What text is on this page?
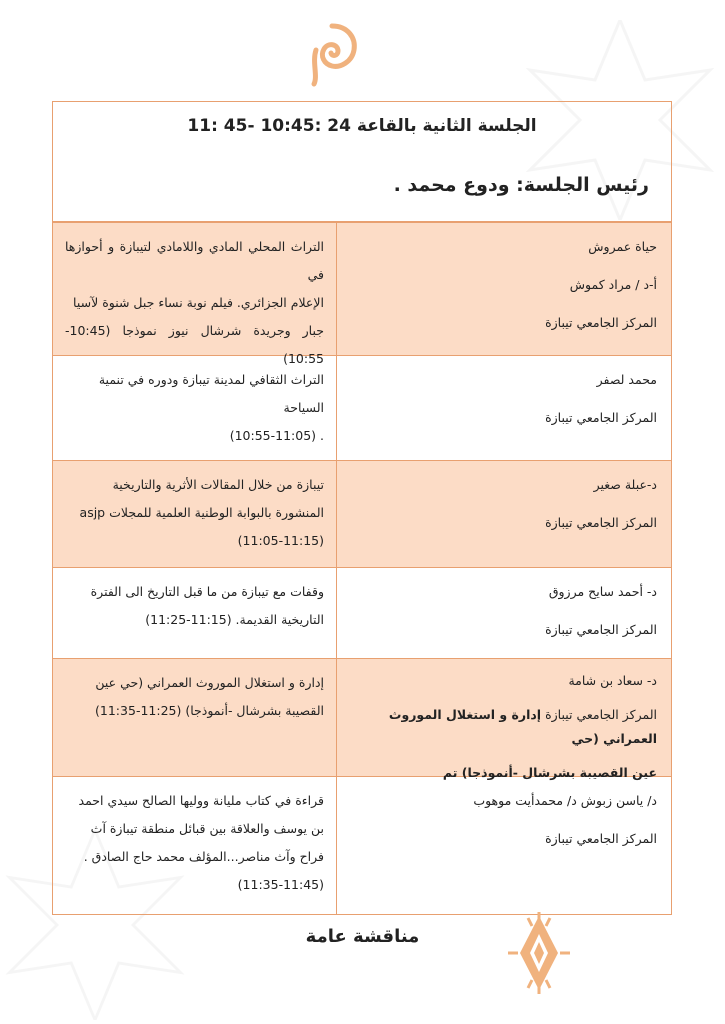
الجلسة الثانية بالقاعة 24 :10:45 -45 :11
رئيس الجلسة: ودوع محمد .
حياة عمروش
أ-د / مراد كموش
المركز الجامعي تيبازة
التراث المحلي المادي واللامادي لتيبازة و أحوازها في
الإعلام الجزائري. فيلم نوبة نساء جبل شنوة لآسيا
جبار وجريدة شرشال نيوز نموذجا (10:45-10:55)
محمد لصفر
المركز الجامعي تيبازة
التراث الثقافي لمدينة تيبازة ودوره في تنمية
السياحة
. (10:55-11:05)
د-عبلة صغير
المركز الجامعي تيبازة
تيبازة من خلال المقالات الأثرية والتاريخية
المنشورة بالبوابة الوطنية العلمية للمجلات asjp
(11:05-11:15)
د- أحمد سايح مرزوق
المركز الجامعي تيبازة
وقفات مع تيبازة من ما قبل التاريخ الى الفترة
التاريخية القديمة. (11:15-11:25)
د- سعاد بن شامة
المركز الجامعي تيبازة إدارة و استغلال الموروث العمراني (حي
عين القصيبة بشرشال -أنموذجا) تم
إدارة و استغلال الموروث العمراني (حي عين
القصيبة بشرشال -أنموذجا) (11:25-11:35)
د/ ياسن زبوش د/ محمدأيت موهوب
المركز الجامعي تيبازة
قراءة في كتاب مليانة ووليها الصالح سيدي احمد
بن يوسف والعلاقة بين قبائل منطقة تيبازة آث
فراح وآث مناصر...المؤلف محمد حاج الصادق .
(11:35-11:45)
مناقشة عامة
